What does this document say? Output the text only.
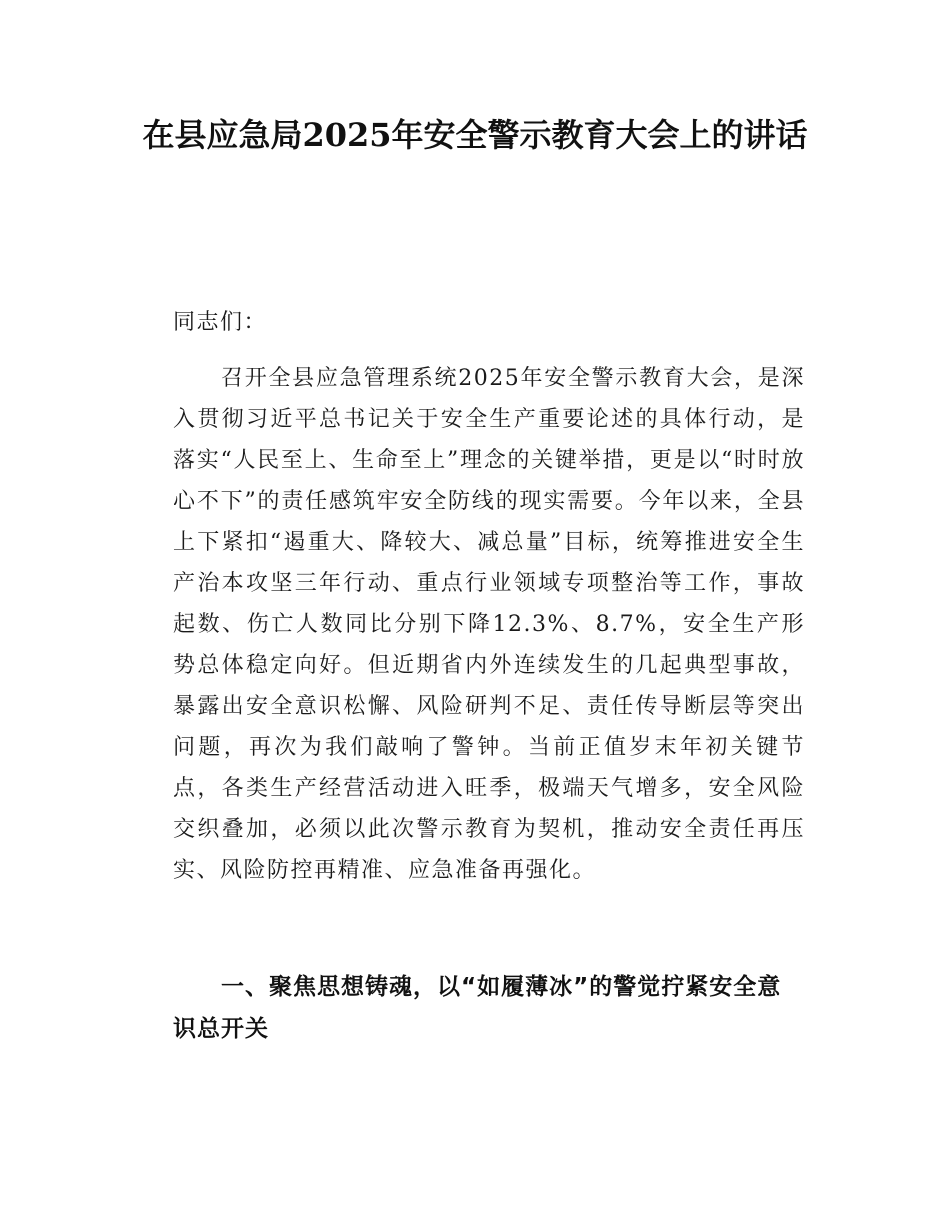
在县应急局2025年安全警示教育大会上的讲话

同志们：

召开全县应急管理系统2025年安全警示教育大会，是深入贯彻习近平总书记关于安全生产重要论述的具体行动，是落实“人民至上、生命至上”理念的关键举措，更是以“时时放心不下”的责任感筑牢安全防线的现实需要。今年以来，全县上下紧扣“遏重大、降较大、减总量”目标，统筹推进安全生产治本攻坚三年行动、重点行业领域专项整治等工作，事故起数、伤亡人数同比分别下降12.3%、8.7%，安全生产形势总体稳定向好。但近期省内外连续发生的几起典型事故，暴露出安全意识松懈、风险研判不足、责任传导断层等突出问题，再次为我们敲响了警钟。当前正值岁末年初关键节点，各类生产经营活动进入旺季，极端天气增多，安全风险交织叠加，必须以此次警示教育为契机，推动安全责任再压实、风险防控再精准、应急准备再强化。

一、聚焦思想铸魂，以“如履薄冰”的警觉拧紧安全意识总开关
